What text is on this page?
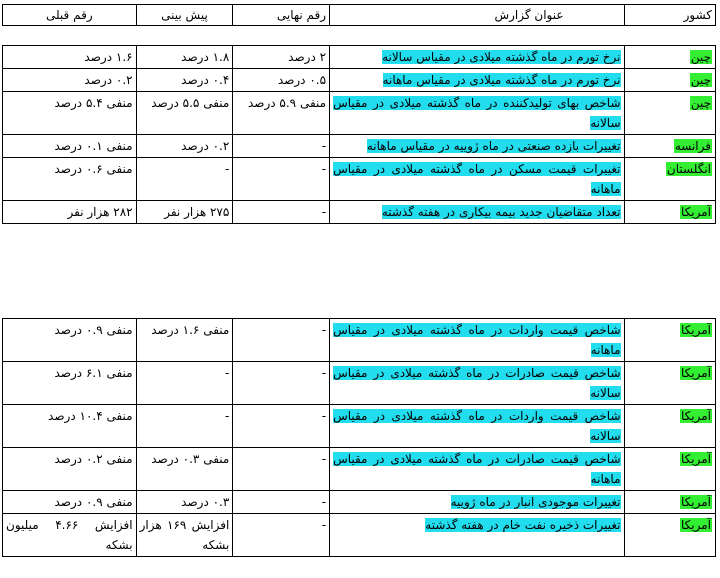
کشور	عنوان گزارش	رقم نهایی	پیش بینی	رقم قبلی
چین	نرخ تورم در ماه گذشته میلادی در مقیاس سالانه	۲ درصد	۱.۸ درصد	۱.۶ درصد
چین	نرخ تورم در ماه گذشته میلادی در مقیاس ماهانه	۰.۵ درصد	۰.۴ درصد	۰.۲ درصد
چین	شاخص بهای تولیدکننده در ماه گذشته میلادی در مقیاس سالانه	منفی ۵.۹ درصد	منفی ۵.۵ درصد	منفی ۵.۴ درصد
فرانسه	تغییرات بازده صنعتی در ماه ژوییه در مقیاس ماهانه	-	۰.۲ درصد	منفی ۰.۱ درصد
انگلستان	تغییرات قیمت مسکن در ماه گذشته میلادی در مقیاس ماهانه	-	-	منفی ۰.۶ درصد
آمریکا	تعداد متقاضیان جدید بیمه بیکاری در هفته گذشته	-	۲۷۵ هزار نفر	۲۸۲ هزار نفر
آمریکا	شاخص قیمت واردات در ماه گذشته میلادی در مقیاس ماهانه	-	منفی ۱.۶ درصد	منفی ۰.۹ درصد
آمریکا	شاخص قیمت صادرات در ماه گذشته میلادی در مقیاس سالانه	-	-	منفی ۶.۱ درصد
آمریکا	شاخص قیمت واردات در ماه گذشته میلادی در مقیاس سالانه	-	-	منفی ۱۰.۴ درصد
آمریکا	شاخص قیمت صادرات در ماه گذشته میلادی در مقیاس ماهانه	-	منفی ۰.۳ درصد	منفی ۰.۲ درصد
آمریکا	تغییرات موجودی انبار در ماه ژوییه	-	۰.۳ درصد	منفی ۰.۹ درصد
آمریکا	تغییرات ذخیره نفت خام در هفته گذشته	-	افزایش ۱۶۹ هزار بشکه	افزایش ۴.۶۶ میلیون بشکه
